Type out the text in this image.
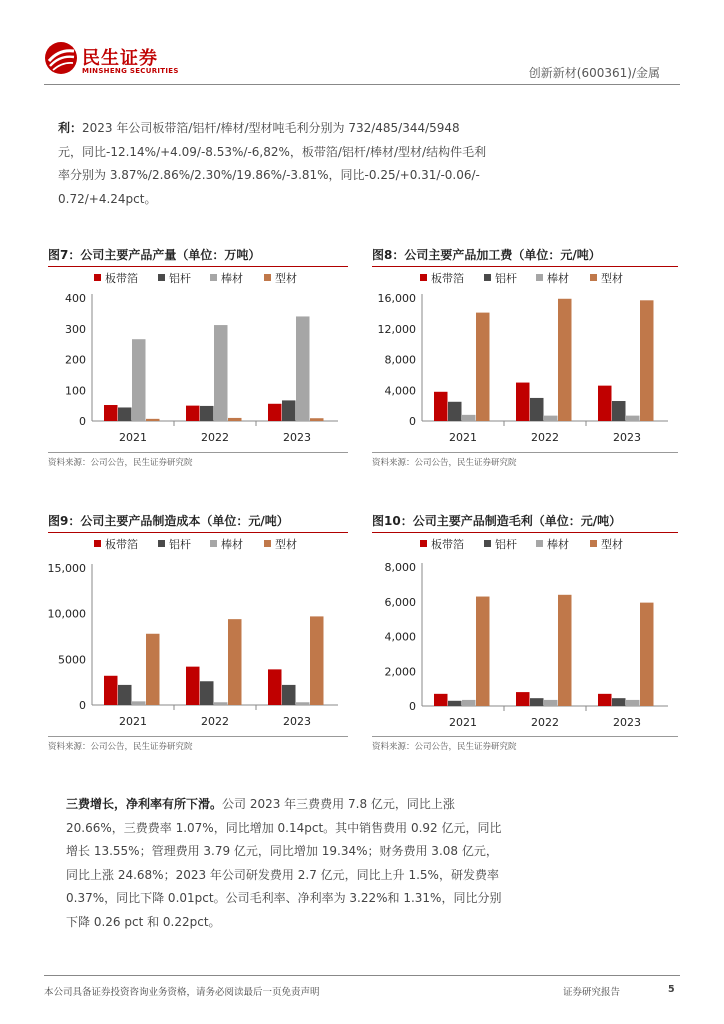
民生证券
MINSHENG SECURITIES	创新新材(600361)/金属
利：2023 年公司板带箔/铝杆/棒材/型材吨毛利分别为 732/485/344/5948
元，同比-12.14%/+4.09/-8.53%/-6,82%，板带箔/铝杆/棒材/型材/结构件毛利
率分别为 3.87%/2.86%/2.30%/19.86%/-3.81%，同比-0.25/+0.31/-0.06/-
0.72/+4.24pct。
图7：公司主要产品产量（单位：万吨）
板带箔	铝杆	棒材	型材
0
100
200
300
400
2021	2022	2023
资料来源：公司公告，民生证券研究院
图8：公司主要产品加工费（单位：元/吨）
板带箔	铝杆	棒材	型材
0
4,000
8,000
12,000
16,000
2021	2022	2023
资料来源：公司公告，民生证券研究院
图9：公司主要产品制造成本（单位：元/吨）
板带箔	铝杆	棒材	型材
0
5000
10,000
15,000
2021	2022	2023
资料来源：公司公告，民生证券研究院
图10：公司主要产品制造毛利（单位：元/吨）
板带箔	铝杆	棒材	型材
0
2,000
4,000
6,000
8,000
2021	2022	2023
资料来源：公司公告，民生证券研究院
三费增长，净利率有所下滑。公司 2023 年三费费用 7.8 亿元，同比上涨
20.66%，三费费率 1.07%，同比增加 0.14pct。其中销售费用 0.92 亿元，同比
增长 13.55%；管理费用 3.79 亿元，同比增加 19.34%；财务费用 3.08 亿元，
同比上涨 24.68%；2023 年公司研发费用 2.7 亿元，同比上升 1.5%，研发费率
0.37%，同比下降 0.01pct。公司毛利率、净利率为 3.22%和 1.31%，同比分别
下降 0.26 pct 和 0.22pct。
本公司具备证券投资咨询业务资格，请务必阅读最后一页免责声明	证券研究报告	5
